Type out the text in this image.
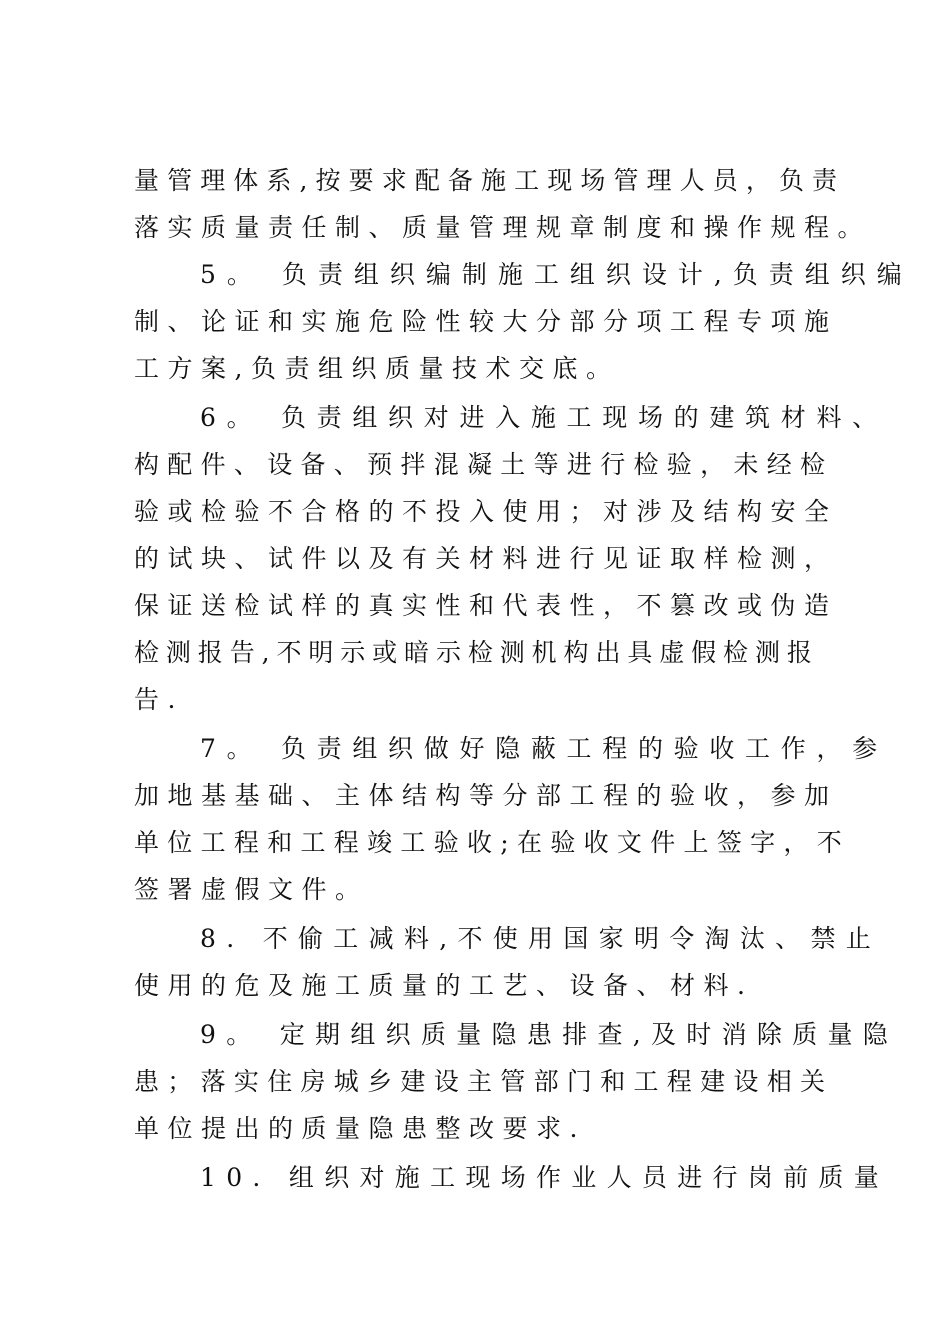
量管理体系,按要求配备施工现场管理人员，负责
落实质量责任制、质量管理规章制度和操作规程。
5。 负责组织编制施工组织设计,负责组织编
制、论证和实施危险性较大分部分项工程专项施
工方案,负责组织质量技术交底。
6。 负责组织对进入施工现场的建筑材料、
构配件、设备、预拌混凝土等进行检验，未经检
验或检验不合格的不投入使用；对涉及结构安全
的试块、试件以及有关材料进行见证取样检测，
保证送检试样的真实性和代表性，不篡改或伪造
检测报告,不明示或暗示检测机构出具虚假检测报
告.
7。 负责组织做好隐蔽工程的验收工作，参
加地基基础、主体结构等分部工程的验收，参加
单位工程和工程竣工验收;在验收文件上签字，不
签署虚假文件。
8. 不偷工减料,不使用国家明令淘汰、禁止
使用的危及施工质量的工艺、设备、材料.
9。 定期组织质量隐患排查,及时消除质量隐
患；落实住房城乡建设主管部门和工程建设相关
单位提出的质量隐患整改要求.
10. 组织对施工现场作业人员进行岗前质量
